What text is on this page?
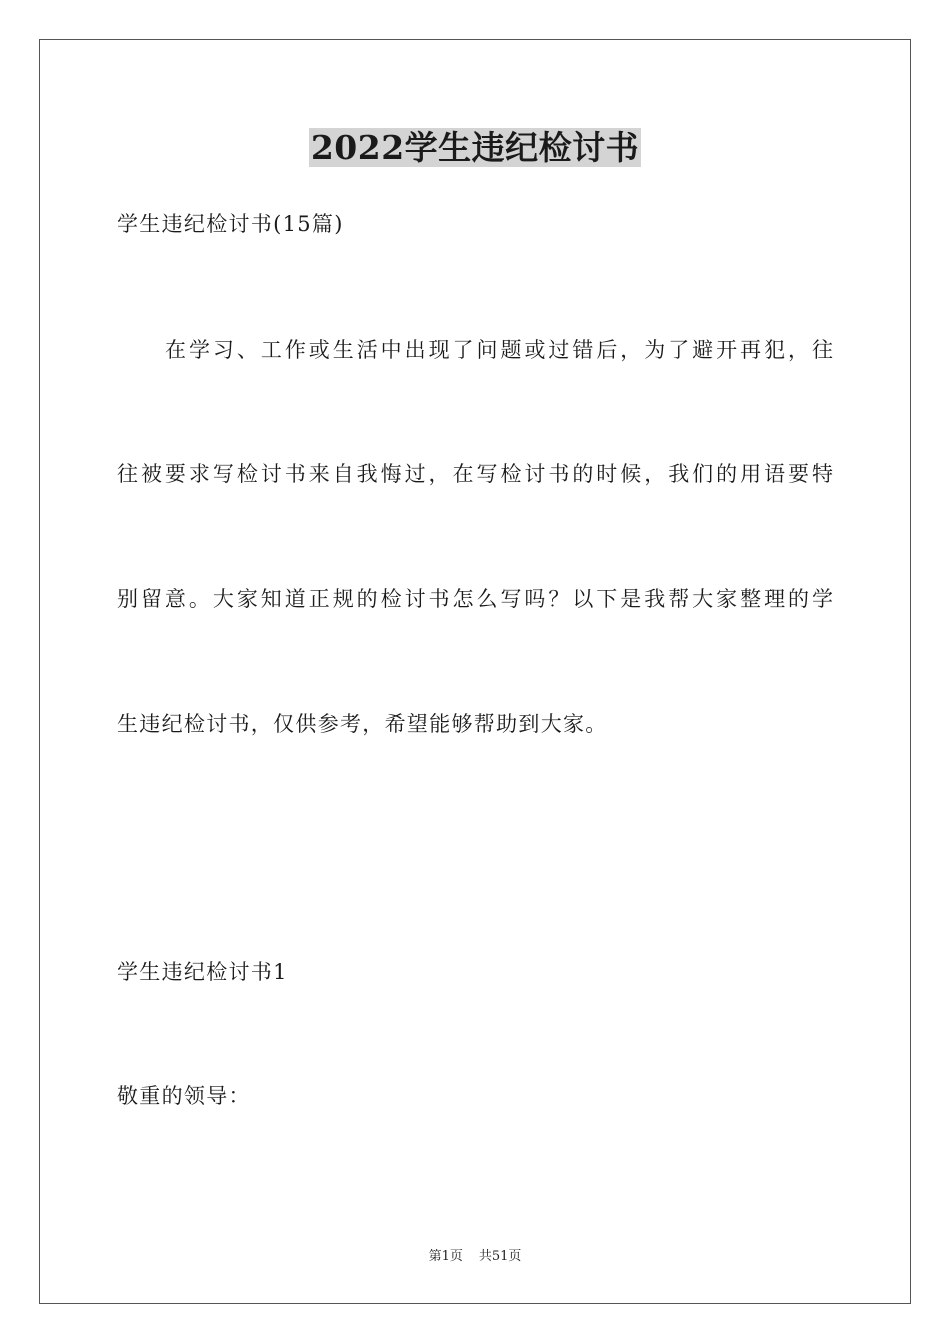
2022学生违纪检讨书
学生违纪检讨书(15篇)
在学习、工作或生活中出现了问题或过错后，为了避开再犯，往
往被要求写检讨书来自我悔过，在写检讨书的时候，我们的用语要特
别留意。大家知道正规的检讨书怎么写吗？以下是我帮大家整理的学
生违纪检讨书，仅供参考，希望能够帮助到大家。
学生违纪检讨书1
敬重的领导：
第1页 共51页
